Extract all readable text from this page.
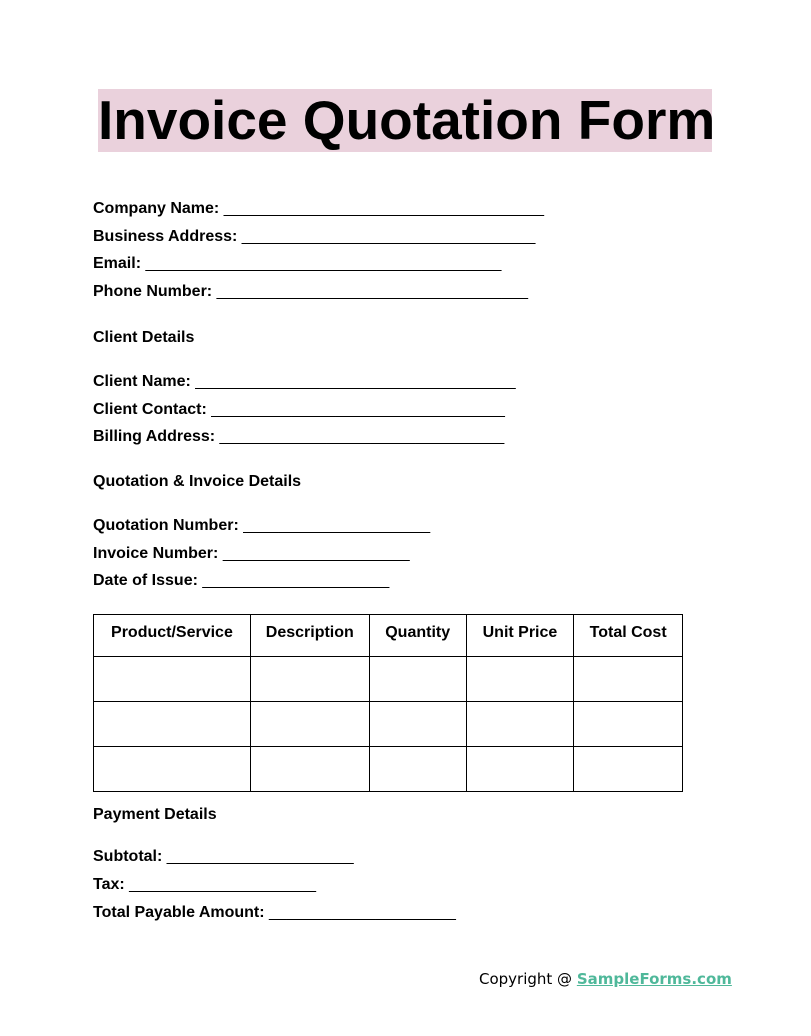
Invoice Quotation Form
Company Name: ____________________________________
Business Address: _________________________________
Email: ________________________________________
Phone Number: ___________________________________
Client Details
Client Name: ____________________________________
Client Contact: _________________________________
Billing Address: ________________________________
Quotation & Invoice Details
Quotation Number: _____________________
Invoice Number: _____________________
Date of Issue: _____________________
Product/Service	Description	Quantity	Unit Price	Total Cost

Payment Details
Subtotal: _____________________
Tax: _____________________
Total Payable Amount: _____________________
Copyright @ SampleForms.com
